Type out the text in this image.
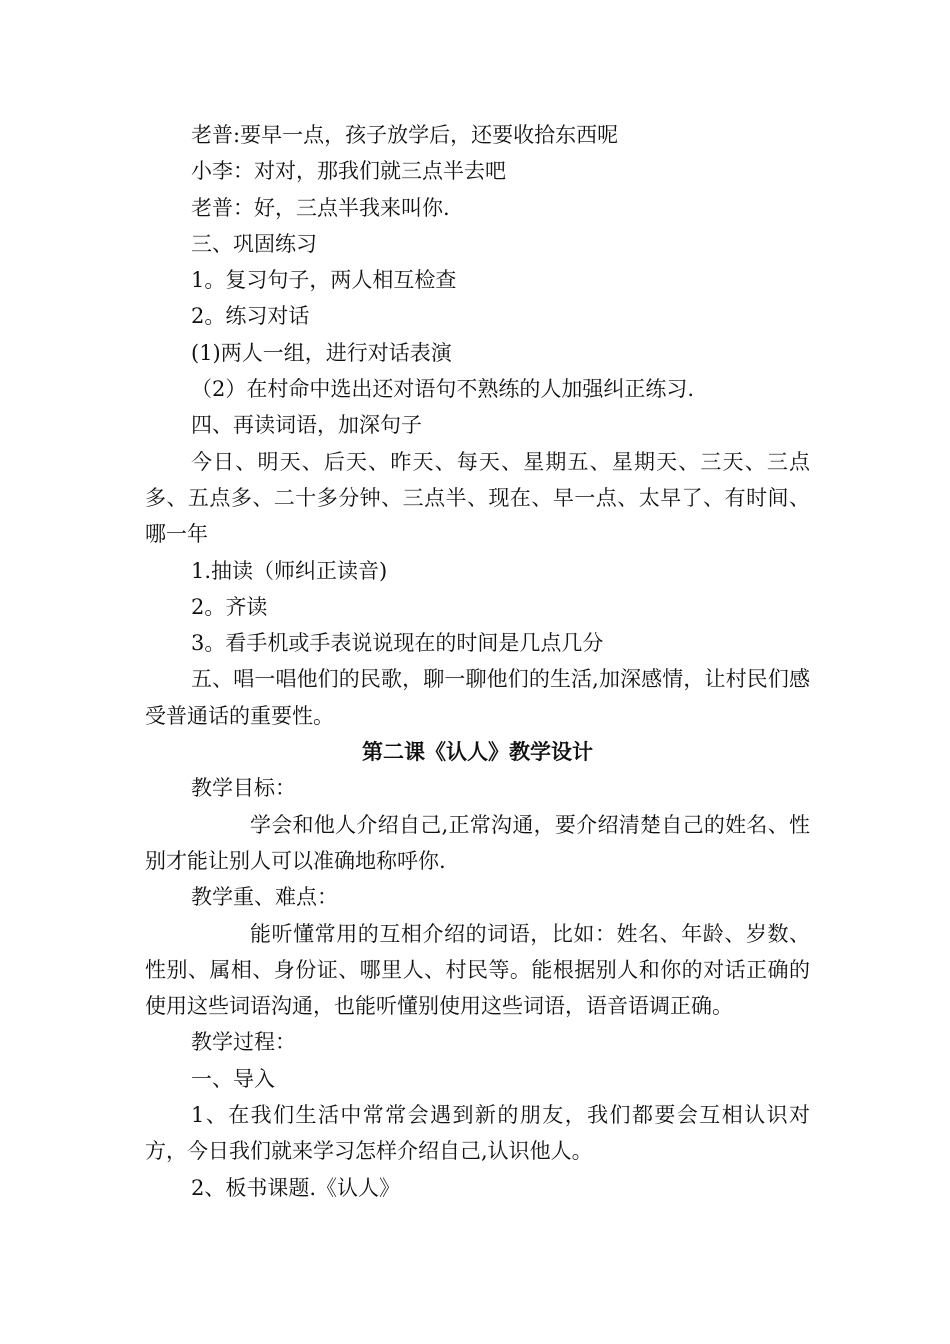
老普:要早一点，孩子放学后，还要收拾东西呢

小李：对对，那我们就三点半去吧

老普：好，三点半我来叫你.

三、巩固练习

1。复习句子，两人相互检查

2。练习对话

(1)两人一组，进行对话表演

（2）在村命中选出还对语句不熟练的人加强纠正练习.

四、再读词语，加深句子

今日、明天、后天、昨天、每天、星期五、星期天、三天、三点多、五点多、二十多分钟、三点半、现在、早一点、太早了、有时间、哪一年

1.抽读（师纠正读音)

2。齐读

3。看手机或手表说说现在的时间是几点几分

五、唱一唱他们的民歌，聊一聊他们的生活,加深感情，让村民们感受普通话的重要性。

第二课《认人》教学设计

教学目标：

学会和他人介绍自己,正常沟通，要介绍清楚自己的姓名、性别才能让别人可以准确地称呼你.

教学重、难点：

能听懂常用的互相介绍的词语，比如：姓名、年龄、岁数、性别、属相、身份证、哪里人、村民等。能根据别人和你的对话正确的使用这些词语沟通，也能听懂别使用这些词语，语音语调正确。

教学过程：

一、导入

1、在我们生活中常常会遇到新的朋友，我们都要会互相认识对方，今日我们就来学习怎样介绍自己,认识他人。

2、板书课题.《认人》
